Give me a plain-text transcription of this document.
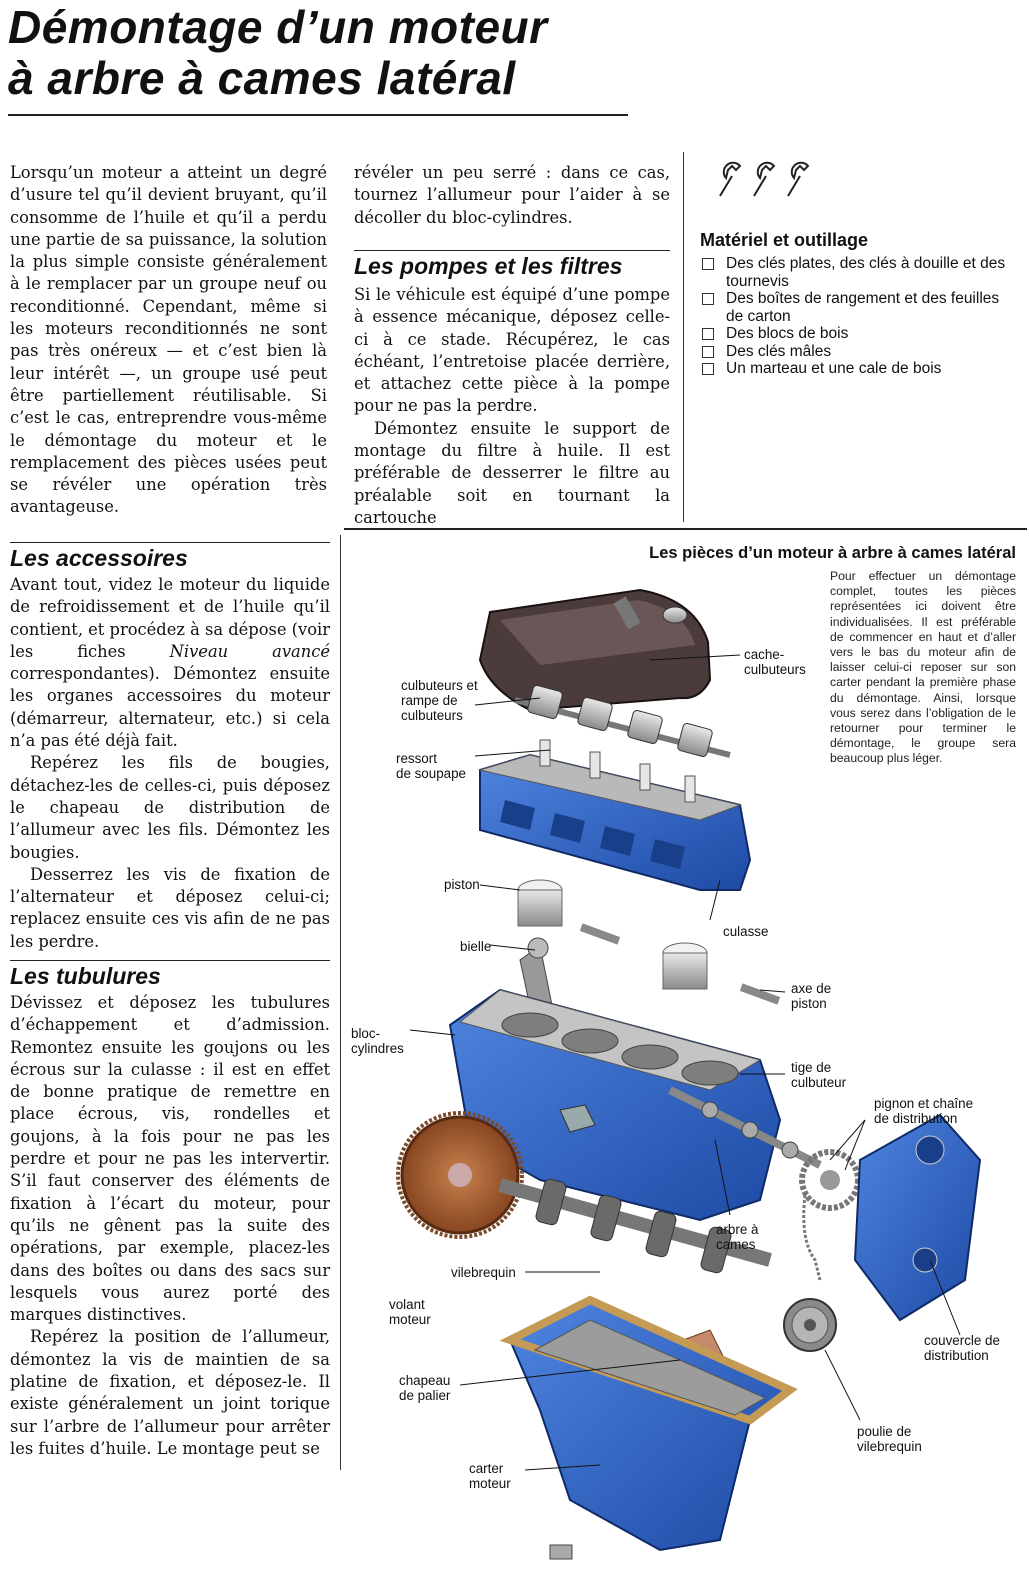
Démontage d’un moteur
à arbre à cames latéral

Lorsqu’un moteur a atteint un degré d’usure tel qu’il devient bruyant, qu’il consomme de l’huile et qu’il a perdu une partie de sa puissance, la solution la plus simple consiste généralement à le remplacer par un groupe neuf ou reconditionné. Cependant, même si les moteurs reconditionnés ne sont pas très onéreux — et c’est bien là leur intérêt —, un groupe usé peut être partiellement réutilisable. Si c’est le cas, entreprendre vous-même le démontage du moteur et le remplacement des pièces usées peut se révéler une opération très avantageuse.

Les accessoires

Avant tout, videz le moteur du liquide de refroidissement et de l’huile qu’il contient, et procédez à sa dépose (voir les fiches Niveau avancé correspondantes). Démontez ensuite les organes accessoires du moteur (démarreur, alternateur, etc.) si cela n’a pas été déjà fait.

Repérez les fils de bougies, détachez-les de celles-ci, puis déposez le chapeau de distribution de l’allumeur avec les fils. Démontez les bougies.

Desserrez les vis de fixation de l’alternateur et déposez celui-ci; replacez ensuite ces vis afin de ne pas les perdre.

Les tubulures

Dévissez et déposez les tubulures d’échappement et d’admission. Remontez ensuite les goujons ou les écrous sur la culasse : il est en effet de bonne pratique de remettre en place écrous, vis, rondelles et goujons, à la fois pour ne pas les perdre et pour ne pas les intervertir. S’il faut conserver des éléments de fixation à l’écart du moteur, pour qu’ils ne gênent pas la suite des opérations, par exemple, placez-les dans des boîtes ou dans des sacs sur lesquels vous aurez porté des marques distinctives.

Repérez la position de l’allumeur, démontez la vis de maintien de sa platine de fixation, et déposez-le. Il existe généralement un joint torique sur l’arbre de l’allumeur pour arrêter les fuites d’huile. Le montage peut se

révéler un peu serré : dans ce cas, tournez l’allumeur pour l’aider à se décoller du bloc-cylindres.

Les pompes et les filtres

Si le véhicule est équipé d’une pompe à essence mécanique, déposez celle-ci à ce stade. Récupérez, le cas échéant, l’entretoise placée derrière, et attachez cette pièce à la pompe pour ne pas la perdre.

Démontez ensuite le support de montage du filtre à huile. Il est préférable de desserrer le filtre au préalable soit en tournant la cartouche

Matériel et outillage
Des clés plates, des clés à douille et des tournevis
Des boîtes de rangement et des feuilles de carton
Des blocs de bois
Des clés mâles
Un marteau et une cale de bois
Les pièces d’un moteur à arbre à cames latéral
Pour effectuer un démontage complet, toutes les pièces représentées ici doivent être individualisées. Il est préférable de commencer en haut et d’aller vers le bas du moteur afin de laisser celui-ci reposer sur son carter pendant la première phase du démontage. Ainsi, lorsque vous serez dans l’obligation de le retourner pour terminer le démontage, le groupe sera beaucoup plus léger.
cache-
culbuteurs
culbuteurs et
rampe de
culbuteurs
ressort
de soupape
piston
culasse
bielle
axe de
piston
bloc-
cylindres
tige de
culbuteur
pignon et chaîne
de distribution
arbre à
cames
vilebrequin
volant
moteur
couvercle de
distribution
chapeau
de palier
poulie de
vilebrequin
carter
moteur
